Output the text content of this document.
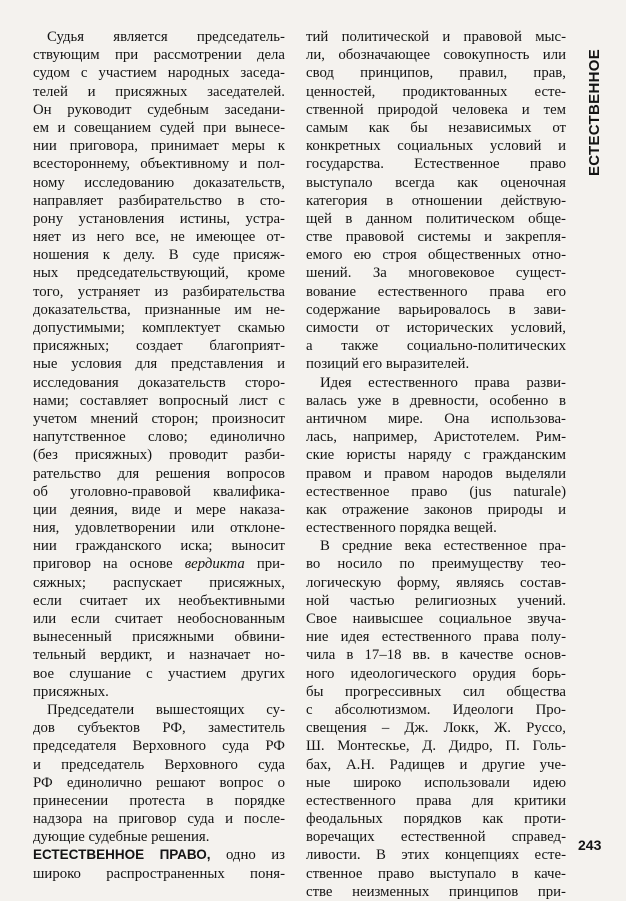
ЕСТЕСТВЕННОЕ
Судья является председатель-
ствующим при рассмотрении дела
судом с участием народных заседа-
телей и присяжных заседателей.
Он руководит судебным заседани-
ем и совещанием судей при вынесе-
нии приговора, принимает меры к
всестороннему, объективному и пол-
ному исследованию доказательств,
направляет разбирательство в сто-
рону установления истины, устра-
няет из него все, не имеющее от-
ношения к делу. В суде присяж-
ных председательствующий, кроме
того, устраняет из разбирательства
доказательства, признанные им не-
допустимыми; комплектует скамью
присяжных; создает благоприят-
ные условия для представления и
исследования доказательств сторо-
нами; составляет вопросный лист с
учетом мнений сторон; произносит
напутственное слово; единолично
(без присяжных) проводит разби-
рательство для решения вопросов
об уголовно-правовой квалифика-
ции деяния, виде и мере наказа-
ния, удовлетворении или отклоне-
нии гражданского иска; выносит
приговор на основе вердикта при-
сяжных; распускает присяжных,
если считает их необъективными
или если считает необоснованным
вынесенный присяжными обвини-
тельный вердикт, и назначает но-
вое слушание с участием других
присяжных.
Председатели вышестоящих су-
дов субъектов РФ, заместитель
председателя Верховного суда РФ
и председатель Верховного суда
РФ единолично решают вопрос о
принесении протеста в порядке
надзора на приговор суда и после-
дующие судебные решения.
ЕСТЕСТВЕННОЕ ПРАВО, одно из
широко распространенных поня-
тий политической и правовой мыс-
ли, обозначающее совокупность или
свод принципов, правил, прав,
ценностей, продиктованных есте-
ственной природой человека и тем
самым как бы независимых от
конкретных социальных условий и
государства. Естественное право
выступало всегда как оценочная
категория в отношении действую-
щей в данном политическом обще-
стве правовой системы и закрепля-
емого ею строя общественных отно-
шений. За многовековое сущест-
вование естественного права его
содержание варьировалось в зави-
симости от исторических условий,
а также социально-политических
позиций его выразителей.
Идея естественного права разви-
валась уже в древности, особенно в
античном мире. Она использова-
лась, например, Аристотелем. Рим-
ские юристы наряду с гражданским
правом и правом народов выделяли
естественное право (jus naturale)
как отражение законов природы и
естественного порядка вещей.
В средние века естественное пра-
во носило по преимуществу тео-
логическую форму, являясь состав-
ной частью религиозных учений.
Свое наивысшее социальное звуча-
ние идея естественного права полу-
чила в 17–18 вв. в качестве основ-
ного идеологического орудия борь-
бы прогрессивных сил общества
с абсолютизмом. Идеологи Про-
свещения – Дж. Локк, Ж. Руссо,
Ш. Монтескье, Д. Дидро, П. Голь-
бах, А.Н. Радищев и другие уче-
ные широко использовали идею
естественного права для критики
феодальных порядков как проти-
воречащих естественной справед-
ливости. В этих концепциях есте-
ственное право выступало в каче-
стве неизменных принципов при-
243
